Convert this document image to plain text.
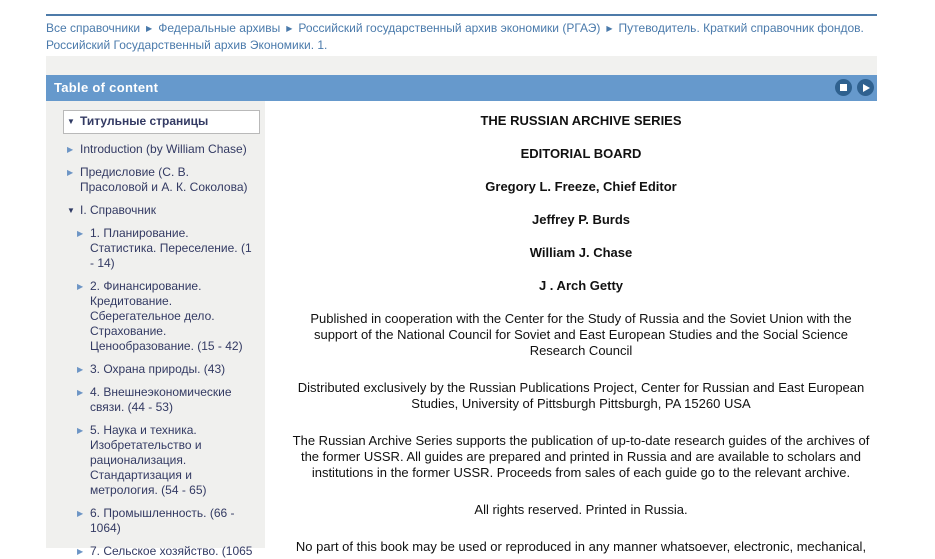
Все справочники ▶ Федеральные архивы ▶ Российский государственный архив экономики (РГАЭ) ▶ Путеводитель. Краткий справочник фондов. Российский Государственный архив Экономики. 1.
Table of content
▼ Титульные страницы
▶ Introduction (by William Chase)
▶ Предисловие (С. В. Прасоловой и А. К. Соколова)
▼ I. Справочник
▶ 1. Планирование. Статистика. Переселение. (1 - 14)
▶ 2. Финансирование. Кредитование. Сберегательное дело. Страхование. Ценообразование. (15 - 42)
▶ 3. Охрана природы. (43)
▶ 4. Внешнеэкономические связи. (44 - 53)
▶ 5. Наука и техника. Изобретательство и рационализация. Стандартизация и метрология. (54 - 65)
▶ 6. Промышленность. (66 - 1064)
▶ 7. Сельское хозяйство. (1065

THE RUSSIAN ARCHIVE SERIES

EDITORIAL BOARD

Gregory L. Freeze, Chief Editor

Jeffrey P. Burds

William J. Chase

J . Arch Getty

Published in cooperation with the Center for the Study of Russia and the Soviet Union with the support of the National Council for Soviet and East European Studies and the Social Science Research Council

Distributed exclusively by the Russian Publications Project, Center for Russian and East European Studies, University of Pittsburgh Pittsburgh, PA 15260 USA

The Russian Archive Series supports the publication of up-to-date research guides of the archives of the former USSR. All guides are prepared and printed in Russia and are available to scholars and institutions in the former USSR. Proceeds from sales of each guide go to the relevant archive.

All rights reserved. Printed in Russia.

No part of this book may be used or reproduced in any manner whatsoever, electronic, mechanical,
